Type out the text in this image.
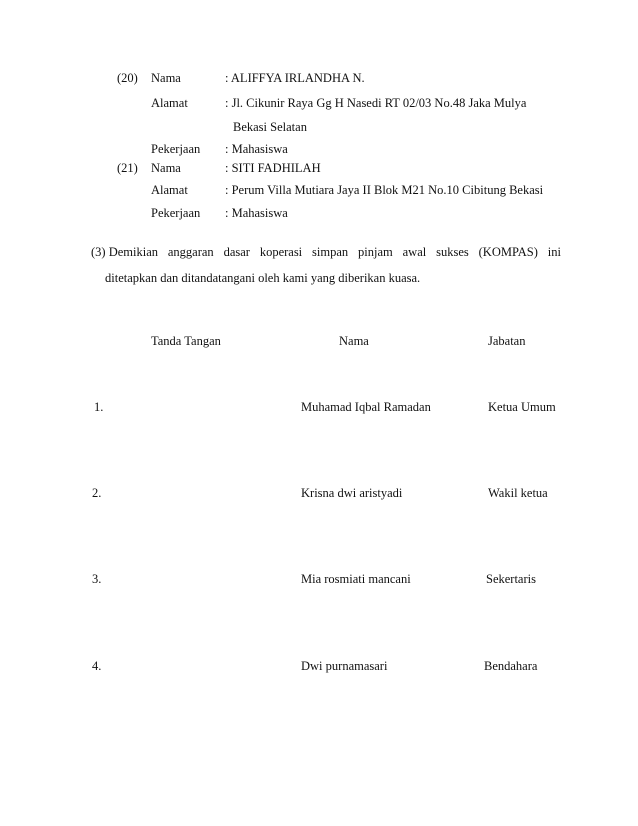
(20) Nama	: ALIFFYA IRLANDHA N.
Alamat	: Jl. Cikunir Raya Gg H Nasedi RT 02/03 No.48 Jaka Mulya
Bekasi Selatan
Pekerjaan : Mahasiswa
(21) Nama	: SITI FADHILAH
Alamat	: Perum Villa Mutiara Jaya II Blok M21 No.10 Cibitung Bekasi
Pekerjaan : Mahasiswa
(3) Demikian anggaran dasar koperasi simpan pinjam awal sukses (KOMPAS) ini
ditetapkan dan ditandatangani oleh kami yang diberikan kuasa.
Tanda Tangan	Nama	Jabatan
1.	Muhamad Iqbal Ramadan	Ketua Umum
2.	Krisna dwi aristyadi	Wakil ketua
3.	Mia rosmiati mancani	Sekertaris
4.	Dwi purnamasari	Bendahara
